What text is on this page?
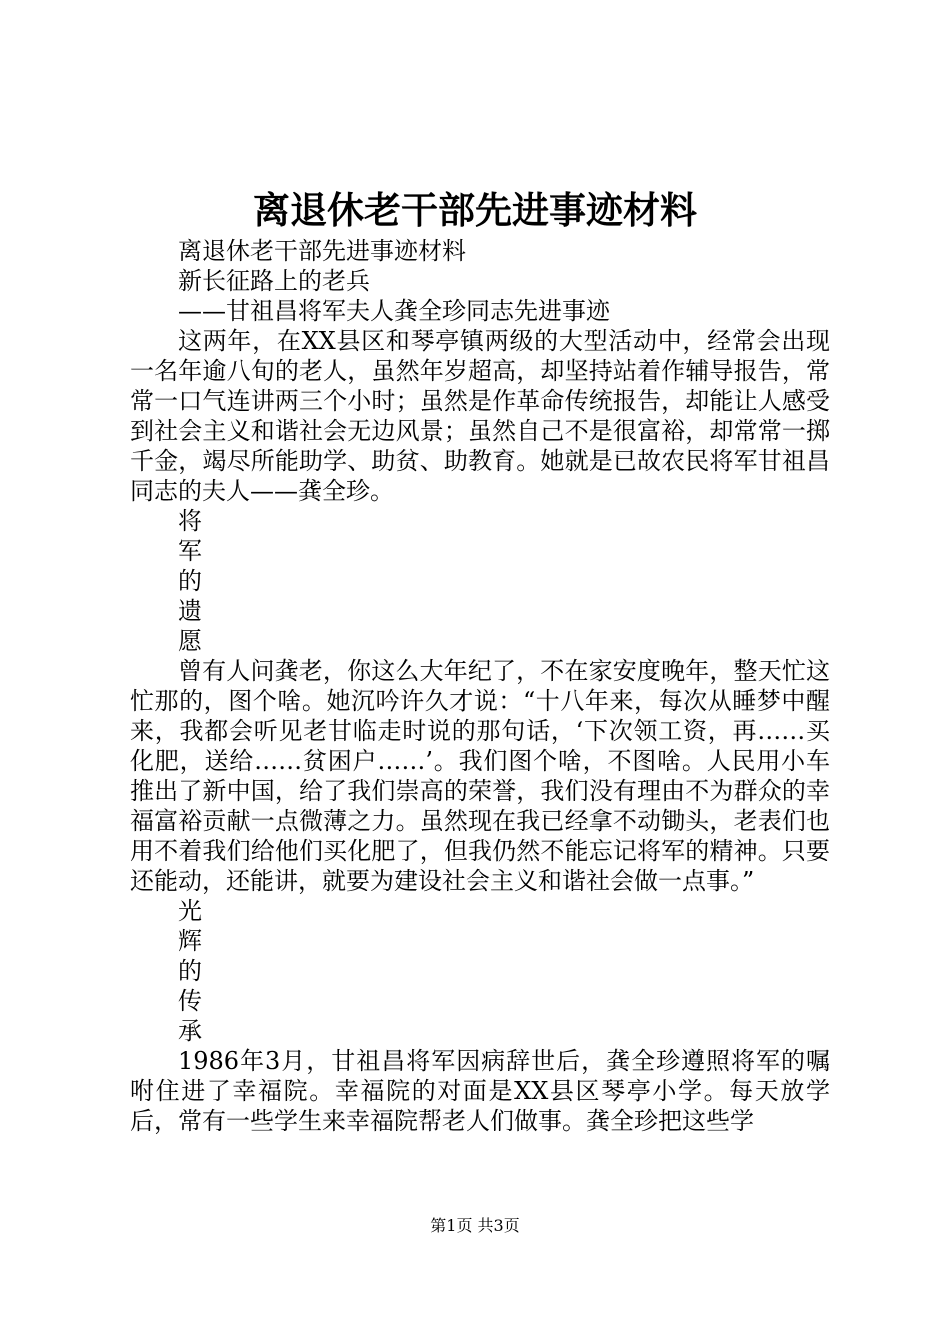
离退休老干部先进事迹材料
离退休老干部先进事迹材料
新长征路上的老兵
——甘祖昌将军夫人龚全珍同志先进事迹

这两年，在XX县区和琴亭镇两级的大型活动中，经常会出现一名年逾八旬的老人，虽然年岁超高，却坚持站着作辅导报告，常常一口气连讲两三个小时；虽然是作革命传统报告，却能让人感受到社会主义和谐社会无边风景；虽然自己不是很富裕，却常常一掷千金，竭尽所能助学、助贫、助教育。她就是已故农民将军甘祖昌同志的夫人——龚全珍。

将
军
的
遗
愿

曾有人问龚老，你这么大年纪了，不在家安度晚年，整天忙这忙那的，图个啥。她沉吟许久才说：“十八年来，每次从睡梦中醒来，我都会听见老甘临走时说的那句话，‘下次领工资，再……买化肥，送给……贫困户……’。我们图个啥，不图啥。人民用小车推出了新中国，给了我们崇高的荣誉，我们没有理由不为群众的幸福富裕贡献一点微薄之力。虽然现在我已经拿不动锄头，老表们也用不着我们给他们买化肥了，但我仍然不能忘记将军的精神。只要还能动，还能讲，就要为建设社会主义和谐社会做一点事。”

光
辉
的
传
承

1986年3月，甘祖昌将军因病辞世后，龚全珍遵照将军的嘱咐住进了幸福院。幸福院的对面是XX县区琴亭小学。每天放学后，常有一些学生来幸福院帮老人们做事。龚全珍把这些学

第1页 共3页
